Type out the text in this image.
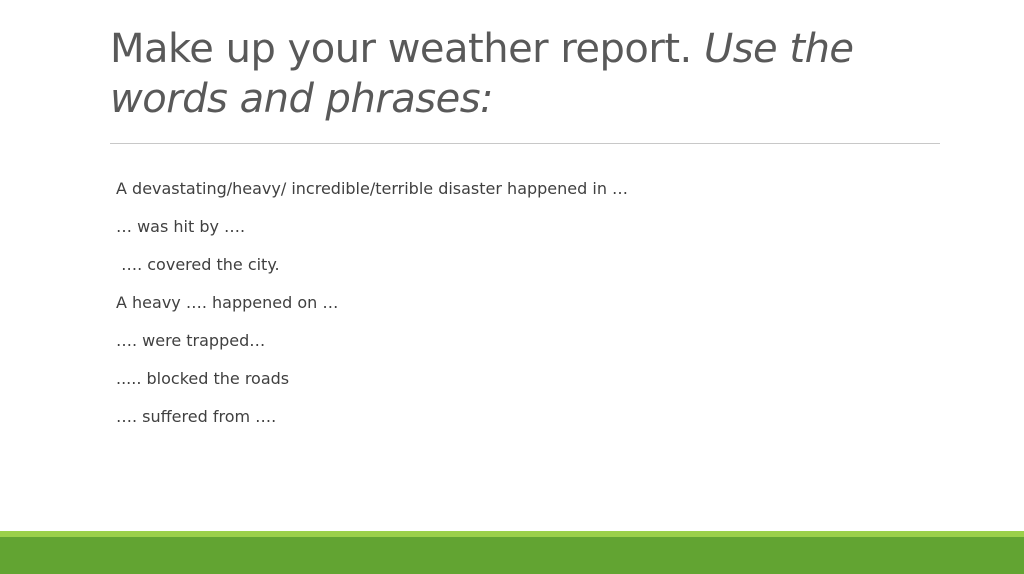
Make up your weather report. Use the words and phrases:
A devastating/heavy/ incredible/terrible disaster happened in …
… was hit by ….
…. covered the city.
A heavy …. happened on …
…. were trapped…
..... blocked the roads
…. suffered from ….
